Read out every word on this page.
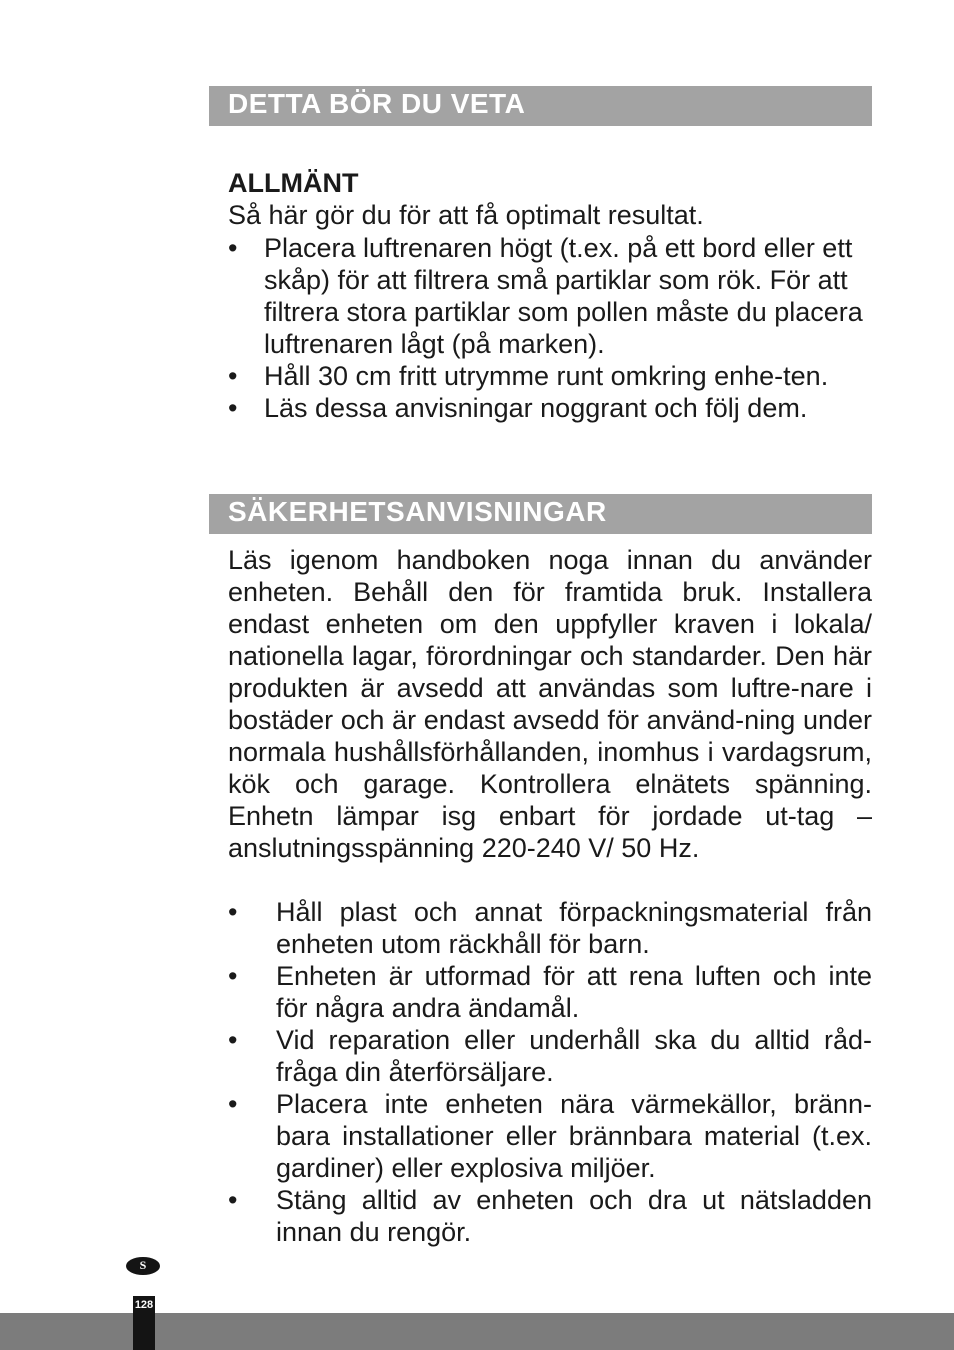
DETTA BÖR DU VETA
ALLMÄNT
Så här gör du för att få optimalt resultat.
• Placera luftrenaren högt (t.ex. på ett bord eller ett skåp) för att filtrera små partiklar som rök. För att filtrera stora partiklar som pollen måste du placera luftrenaren lågt (på marken).
• Håll 30 cm fritt utrymme runt omkring enhe-ten.
• Läs dessa anvisningar noggrant och följ dem.
SÄKERHETSANVISNINGAR
Läs igenom handboken noga innan du använder enheten. Behåll den för framtida bruk. Installera endast enheten om den uppfyller kraven i lokala/ nationella lagar, förordningar och standarder. Den här produkten är avsedd att användas som luftre-nare i bostäder och är endast avsedd för använd-ning under normala hushållsförhållanden, inomhus i vardagsrum, kök och garage. Kontrollera elnätets spänning. Enhetn lämpar isg enbart för jordade ut-tag – anslutningsspänning 220-240 V/ 50 Hz.
• Håll plast och annat förpackningsmaterial från enheten utom räckhåll för barn.
• Enheten är utformad för att rena luften och inte för några andra ändamål.
• Vid reparation eller underhåll ska du alltid råd-fråga din återförsäljare.
• Placera inte enheten nära värmekällor, bränn-bara installationer eller brännbara material (t.ex. gardiner) eller explosiva miljöer.
• Stäng alltid av enheten och dra ut nätsladden innan du rengör.
S
128
